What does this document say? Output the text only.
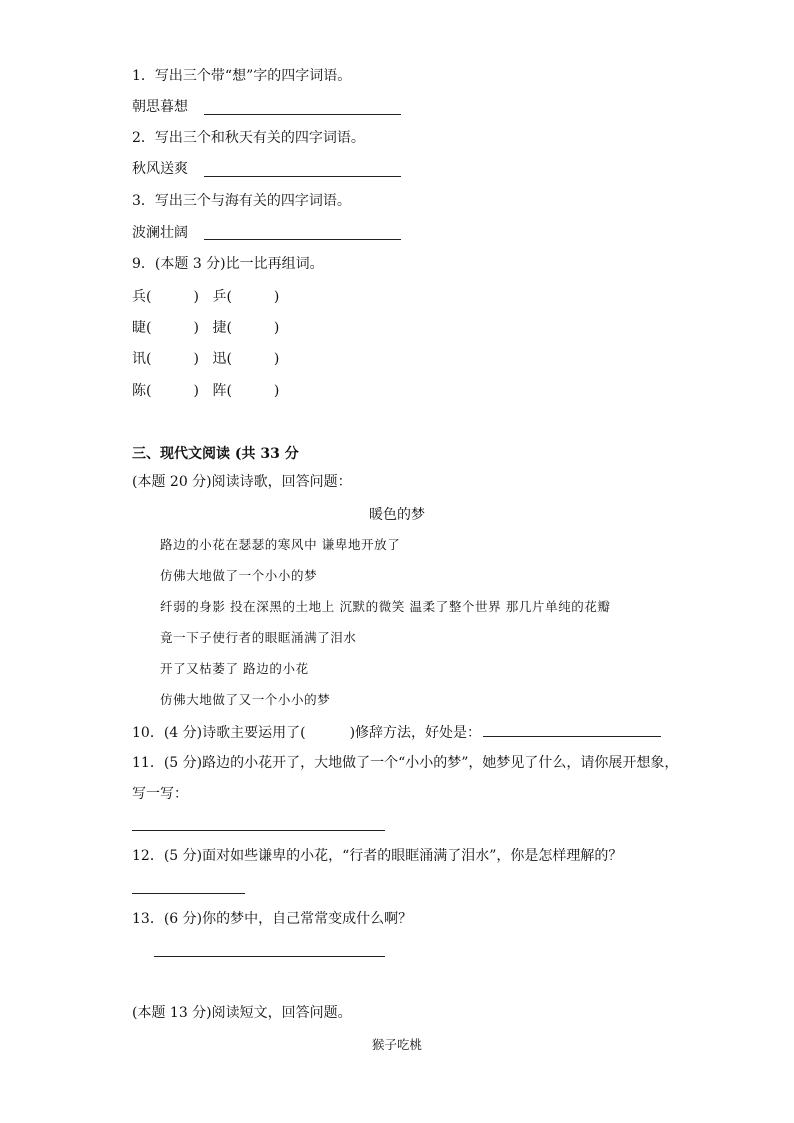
1．写出三个带“想”字的四字词语。
朝思暮想
2．写出三个和秋天有关的四字词语。
秋风送爽
3．写出三个与海有关的四字词语。
波澜壮阔
9．(本题 3 分)比一比再组词。
兵(　　　) 乒(　　　)
睫(　　　) 捷(　　　)
讯(　　　) 迅(　　　)
陈(　　　) 阵(　　　)
三、现代文阅读 (共 33 分
(本题 20 分)阅读诗歌，回答问题：
暖色的梦
路边的小花在瑟瑟的寒风中 谦卑地开放了
仿佛大地做了一个小小的梦
纤弱的身影 投在深黑的土地上 沉默的微笑 温柔了整个世界 那几片单纯的花瓣
竟一下子使行者的眼眶涌满了泪水
开了又枯萎了 路边的小花
仿佛大地做了又一个小小的梦
10．(4 分)诗歌主要运用了(	)修辞方法，好处是：
11．(5 分)路边的小花开了，大地做了一个“小小的梦”，她梦见了什么，请你展开想象，
写一写：
12．(5 分)面对如些谦卑的小花，“行者的眼眶涌满了泪水”，你是怎样理解的？
13．(6 分)你的梦中，自己常常变成什么啊？
(本题 13 分)阅读短文，回答问题。
猴子吃桃
